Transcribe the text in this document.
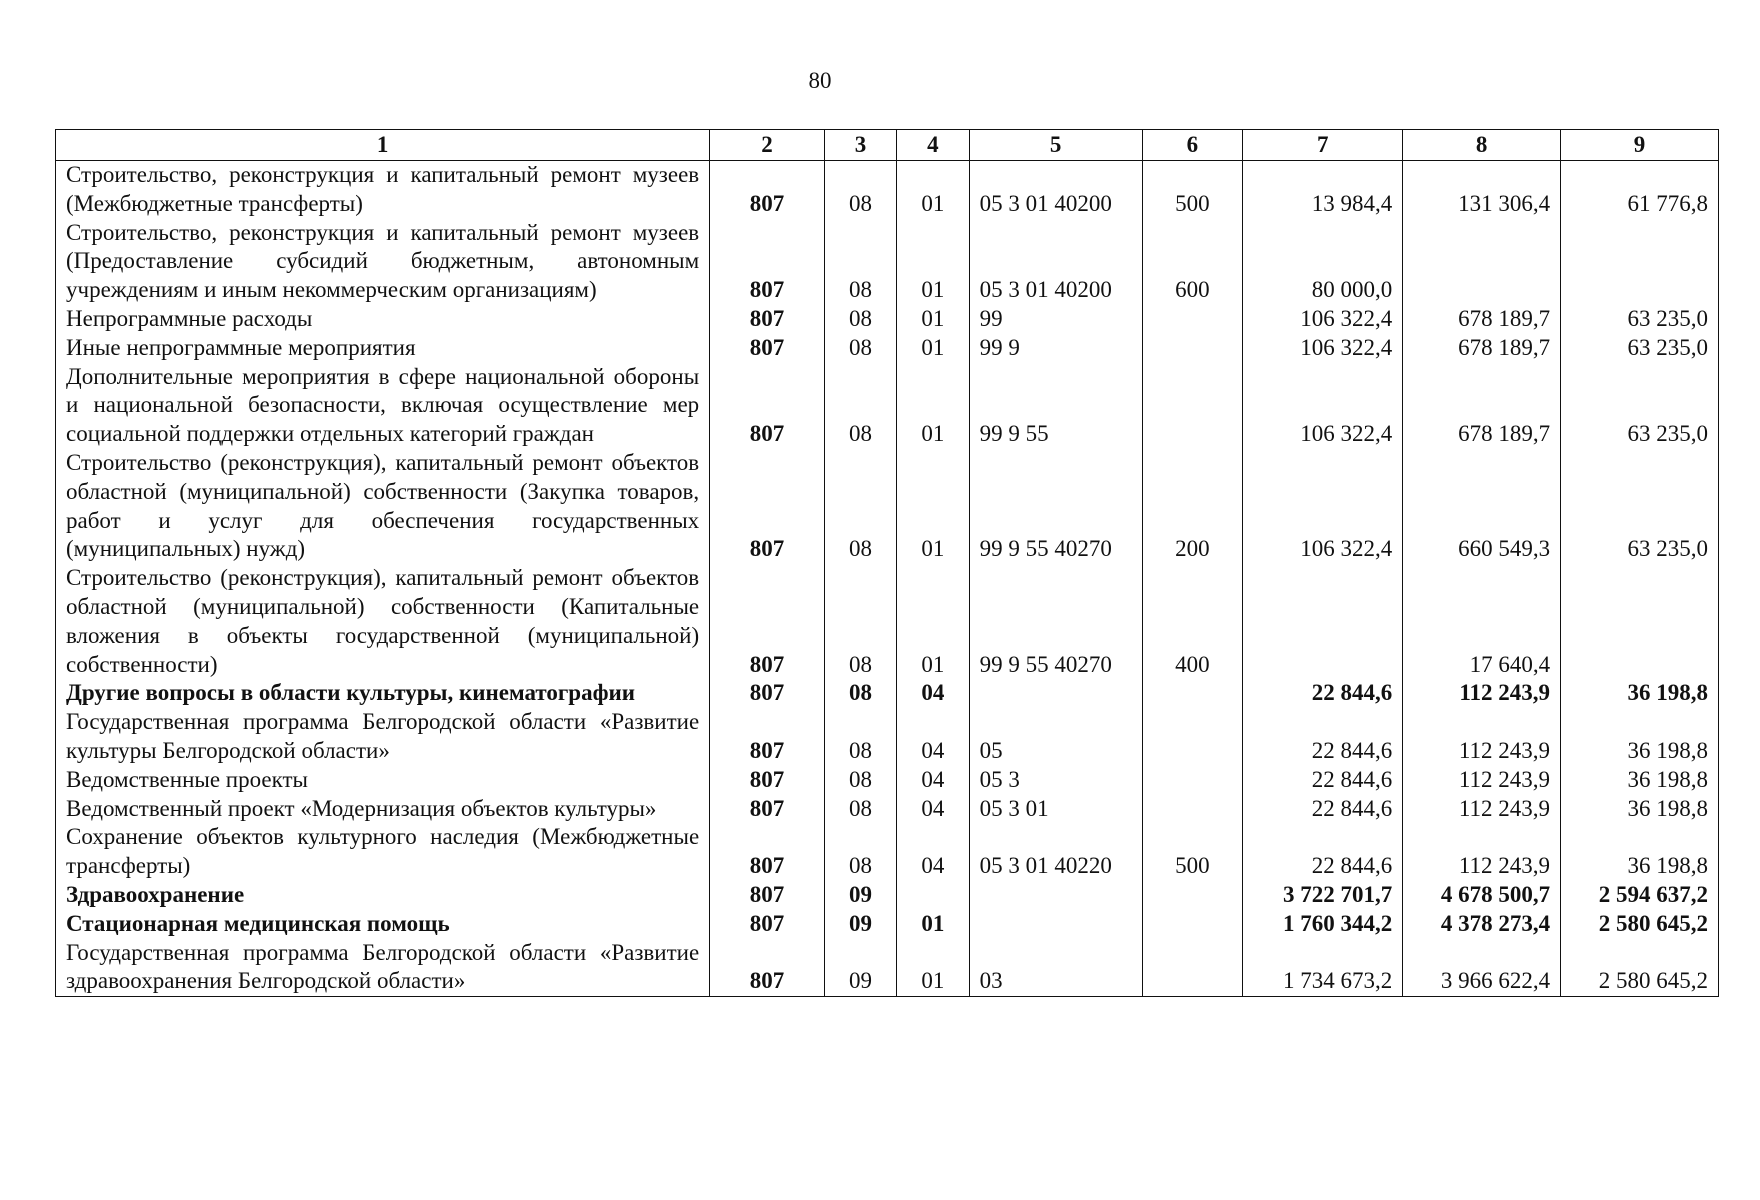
80
1	2	3	4	5	6	7	8	9
Строительство, реконструкция и капитальный ремонт музеев (Межбюджетные трансферты)	807	08	01	05 3 01 40200	500	13 984,4	131 306,4	61 776,8
Строительство, реконструкция и капитальный ремонт музеев (Предоставление субсидий бюджетным, автономным учреждениям и иным некоммерческим организациям)	807	08	01	05 3 01 40200	600	80 000,0		
Непрограммные расходы	807	08	01	99		106 322,4	678 189,7	63 235,0
Иные непрограммные мероприятия	807	08	01	99 9		106 322,4	678 189,7	63 235,0
Дополнительные мероприятия в сфере национальной обороны и национальной безопасности, включая осуществление мер социальной поддержки отдельных категорий граждан	807	08	01	99 9 55		106 322,4	678 189,7	63 235,0
Строительство (реконструкция), капитальный ремонт объектов областной (муниципальной) собственности (Закупка товаров, работ и услуг для обеспечения государственных (муниципальных) нужд)	807	08	01	99 9 55 40270	200	106 322,4	660 549,3	63 235,0
Строительство (реконструкция), капитальный ремонт объектов областной (муниципальной) собственности (Капитальные вложения в объекты государственной (муниципальной) собственности)	807	08	01	99 9 55 40270	400		17 640,4	
Другие вопросы в области культуры, кинематографии	807	08	04			22 844,6	112 243,9	36 198,8
Государственная программа Белгородской области «Развитие культуры Белгородской области»	807	08	04	05		22 844,6	112 243,9	36 198,8
Ведомственные проекты	807	08	04	05 3		22 844,6	112 243,9	36 198,8
Ведомственный проект «Модернизация объектов культуры»	807	08	04	05 3 01		22 844,6	112 243,9	36 198,8
Сохранение объектов культурного наследия (Межбюджетные трансферты)	807	08	04	05 3 01 40220	500	22 844,6	112 243,9	36 198,8
Здравоохранение	807	09				3 722 701,7	4 678 500,7	2 594 637,2
Стационарная медицинская помощь	807	09	01			1 760 344,2	4 378 273,4	2 580 645,2
Государственная программа Белгородской области «Развитие здравоохранения Белгородской области»	807	09	01	03		1 734 673,2	3 966 622,4	2 580 645,2
